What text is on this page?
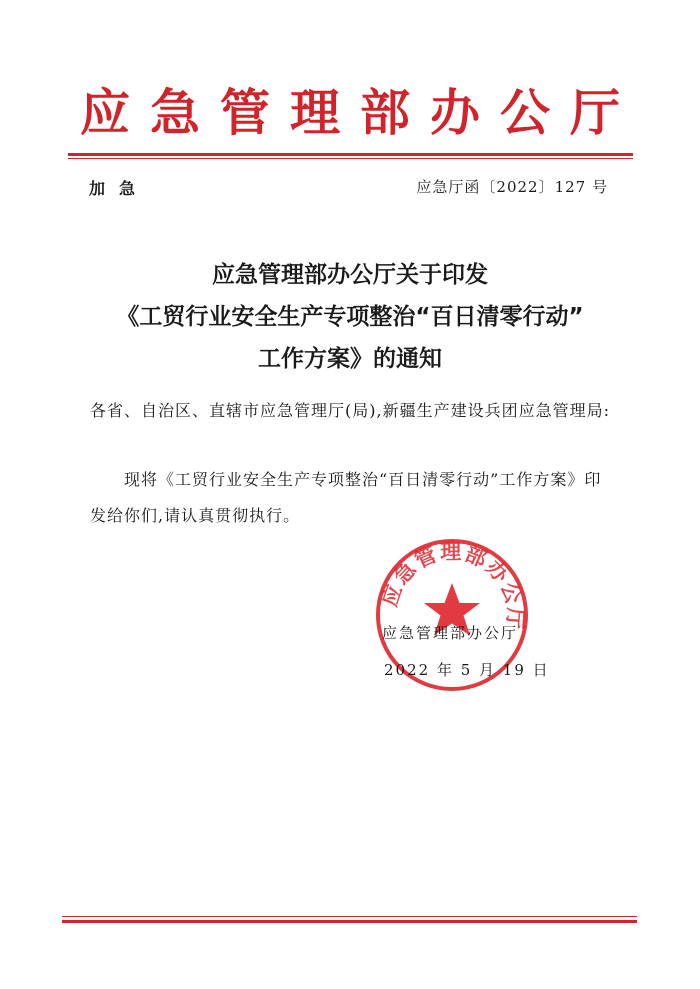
应急管理部办公厅
加急	应急厅函〔2022〕127 号
应急管理部办公厅关于印发
《工贸行业安全生产专项整治“百日清零行动”
工作方案》的通知
各省、自治区、直辖市应急管理厅(局),新疆生产建设兵团应急管理局:
现将《工贸行业安全生产专项整治“百日清零行动”工作方案》印发给你们,请认真贯彻执行。
应急管理部办公厅
应急管理部办公厅
2022 年 5 月 19 日
